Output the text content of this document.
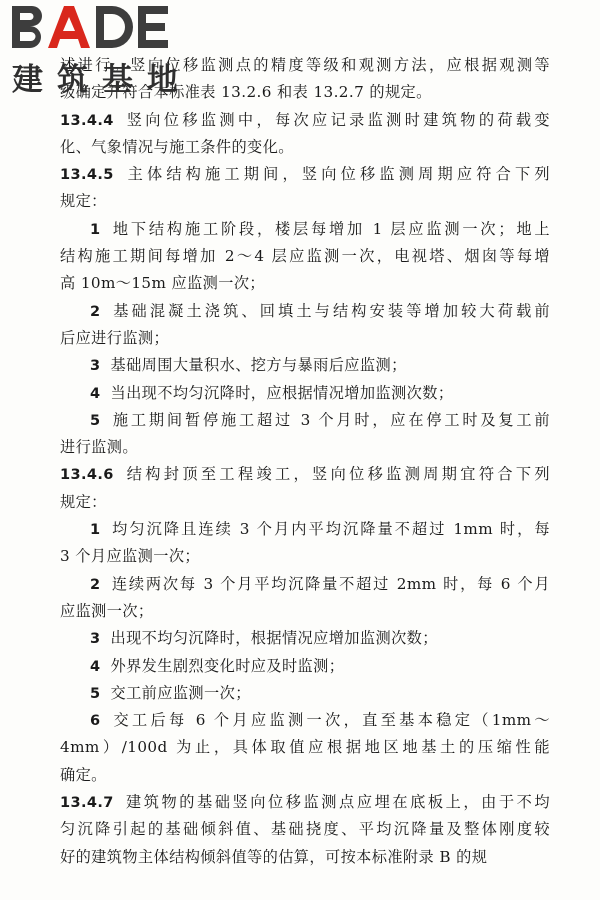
建筑基地
述进行。竖向位移监测点的精度等级和观测方法，应根据观测等
级确定并符合本标准表 13.2.6 和表 13.2.7 的规定。
13.4.4 竖向位移监测中，每次应记录监测时建筑物的荷载变
化、气象情况与施工条件的变化。
13.4.5 主体结构施工期间，竖向位移监测周期应符合下列
规定：
1 地下结构施工阶段，楼层每增加 1 层应监测一次；地上
结构施工期间每增加 2～4 层应监测一次，电视塔、烟囱等每增
高 10m～15m 应监测一次；
2 基础混凝土浇筑、回填土与结构安装等增加较大荷载前
后应进行监测；
3 基础周围大量积水、挖方与暴雨后应监测；
4 当出现不均匀沉降时，应根据情况增加监测次数；
5 施工期间暂停施工超过 3 个月时，应在停工时及复工前
进行监测。
13.4.6 结构封顶至工程竣工，竖向位移监测周期宜符合下列
规定：
1 均匀沉降且连续 3 个月内平均沉降量不超过 1mm 时，每
3 个月应监测一次；
2 连续两次每 3 个月平均沉降量不超过 2mm 时，每 6 个月
应监测一次；
3 出现不均匀沉降时，根据情况应增加监测次数；
4 外界发生剧烈变化时应及时监测；
5 交工前应监测一次；
6 交工后每 6 个月应监测一次，直至基本稳定（1mm～
4mm）/100d 为止，具体取值应根据地区地基土的压缩性能
确定。
13.4.7 建筑物的基础竖向位移监测点应埋在底板上，由于不均
匀沉降引起的基础倾斜值、基础挠度、平均沉降量及整体刚度较
好的建筑物主体结构倾斜值等的估算，可按本标准附录 B 的规
